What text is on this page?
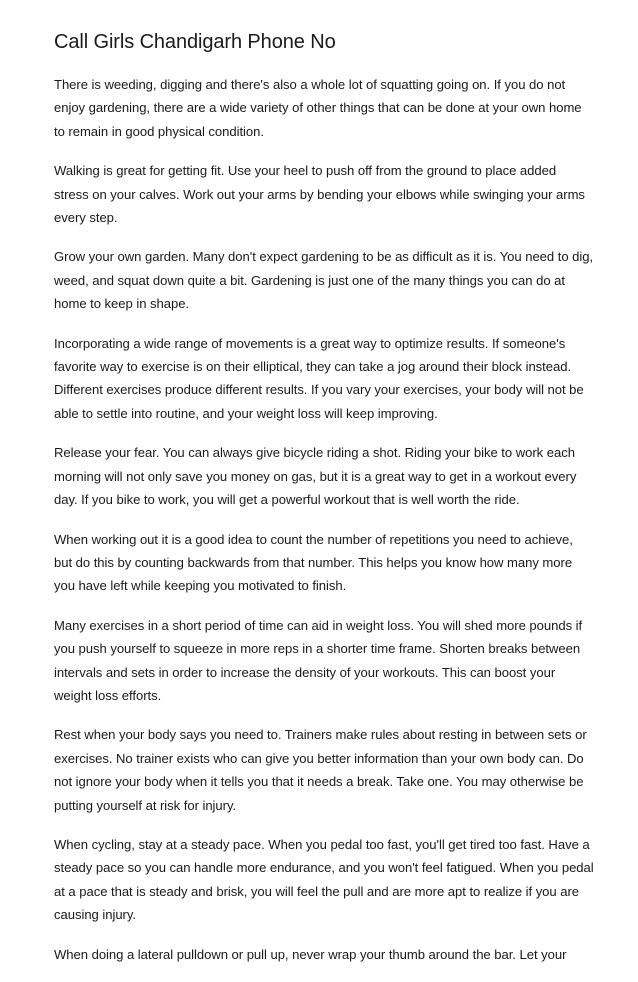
Call Girls Chandigarh Phone No

There is weeding, digging and there's also a whole lot of squatting going on. If you do not enjoy gardening, there are a wide variety of other things that can be done at your own home to remain in good physical condition.

Walking is great for getting fit. Use your heel to push off from the ground to place added stress on your calves. Work out your arms by bending your elbows while swinging your arms every step.

Grow your own garden. Many don't expect gardening to be as difficult as it is. You need to dig, weed, and squat down quite a bit. Gardening is just one of the many things you can do at home to keep in shape.

Incorporating a wide range of movements is a great way to optimize results. If someone's favorite way to exercise is on their elliptical, they can take a jog around their block instead. Different exercises produce different results. If you vary your exercises, your body will not be able to settle into routine, and your weight loss will keep improving.

Release your fear. You can always give bicycle riding a shot. Riding your bike to work each morning will not only save you money on gas, but it is a great way to get in a workout every day. If you bike to work, you will get a powerful workout that is well worth the ride.

When working out it is a good idea to count the number of repetitions you need to achieve, but do this by counting backwards from that number. This helps you know how many more you have left while keeping you motivated to finish.

Many exercises in a short period of time can aid in weight loss. You will shed more pounds if you push yourself to squeeze in more reps in a shorter time frame. Shorten breaks between intervals and sets in order to increase the density of your workouts. This can boost your weight loss efforts.

Rest when your body says you need to. Trainers make rules about resting in between sets or exercises. No trainer exists who can give you better information than your own body can. Do not ignore your body when it tells you that it needs a break. Take one. You may otherwise be putting yourself at risk for injury.

When cycling, stay at a steady pace. When you pedal too fast, you'll get tired too fast. Have a steady pace so you can handle more endurance, and you won't feel fatigued. When you pedal at a pace that is steady and brisk, you will feel the pull and are more apt to realize if you are causing injury.

When doing a lateral pulldown or pull up, never wrap your thumb around the bar. Let your
